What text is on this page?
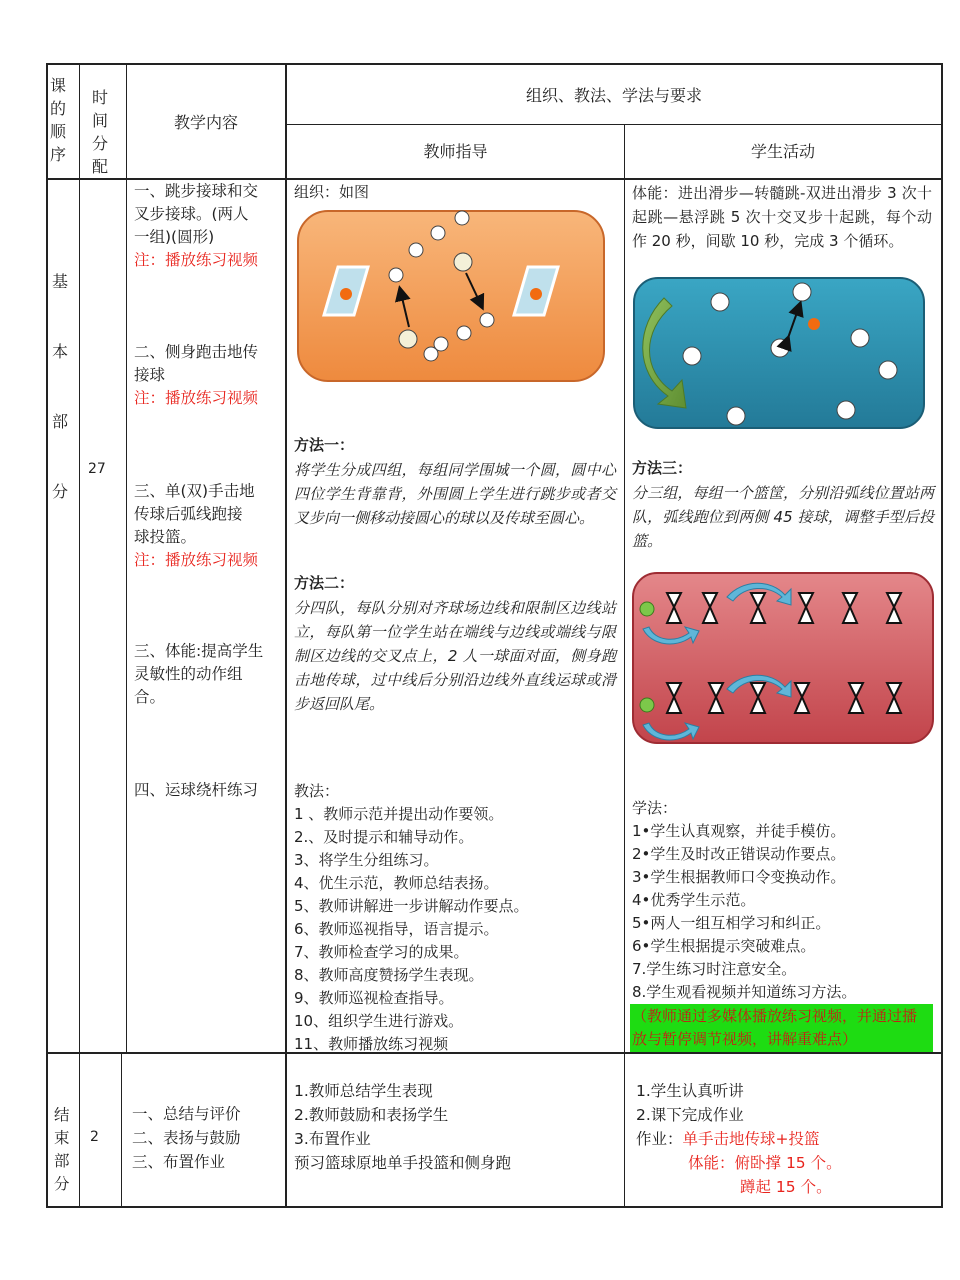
课
的
顺
序
时
间
分
配
教学内容
组织、教法、学法与要求
教师指导	学生活动
基
本
部
分
27
一、跳步接球和交
叉步接球。(两人
一组)(圆形)
注：播放练习视频
二、侧身跑击地传
接球
注：播放练习视频
三、单(双)手击地
传球后弧线跑接
球投篮。
注：播放练习视频
三、体能:提高学生
灵敏性的动作组
合。
四、运球绕杆练习
组织：如图
方法一：
将学生分成四组，每组同学围城一个圆，圆中心四位学生背靠背，外围圆上学生进行跳步或者交叉步向一侧移动接圆心的球以及传球至圆心。
方法二：
分四队，每队分别对齐球场边线和限制区边线站立，每队第一位学生站在端线与边线或端线与限制区边线的交叉点上，2 人一球面对面，侧身跑击地传球，过中线后分别沿边线外直线运球或滑步返回队尾。
教法：
1 、教师示范并提出动作要领。
2.、及时提示和辅导动作。
3、将学生分组练习。
4、优生示范，教师总结表扬。
5、教师讲解进一步讲解动作要点。
6、教师巡视指导，语言提示。
7、教师检查学习的成果。
8、教师高度赞扬学生表现。
9、教师巡视检查指导。
10、组织学生进行游戏。
11、教师播放练习视频
体能：进出滑步—转髓跳-双进出滑步 3 次十起跳—悬浮跳 5 次十交叉步十起跳，每个动作 20 秒，间歇 10 秒，完成 3 个循环。
方法三：
分三组，每组一个篮筐，分别沿弧线位置站两队，弧线跑位到两侧 45 接球，调整手型后投篮。
学法：
1•学生认真观察，并徒手模仿。
2•学生及时改正错误动作要点。
3•学生根据教师口令变换动作。
4•优秀学生示范。
5•两人一组互相学习和纠正。
6•学生根据提示突破难点。
7.学生练习时注意安全。
8.学生观看视频并知道练习方法。
（教师通过多媒体播放练习视频，并通过播放与暂停调节视频，讲解重难点）
结
束
部
分
2
一、总结与评价
二、表扬与鼓励
三、布置作业
1.教师总结学生表现
2.教师鼓励和表扬学生
3.布置作业
预习篮球原地单手投篮和侧身跑
1.学生认真听讲
2.课下完成作业
作业：单手击地传球+投篮
体能：俯卧撑 15 个。
蹲起 15 个。
